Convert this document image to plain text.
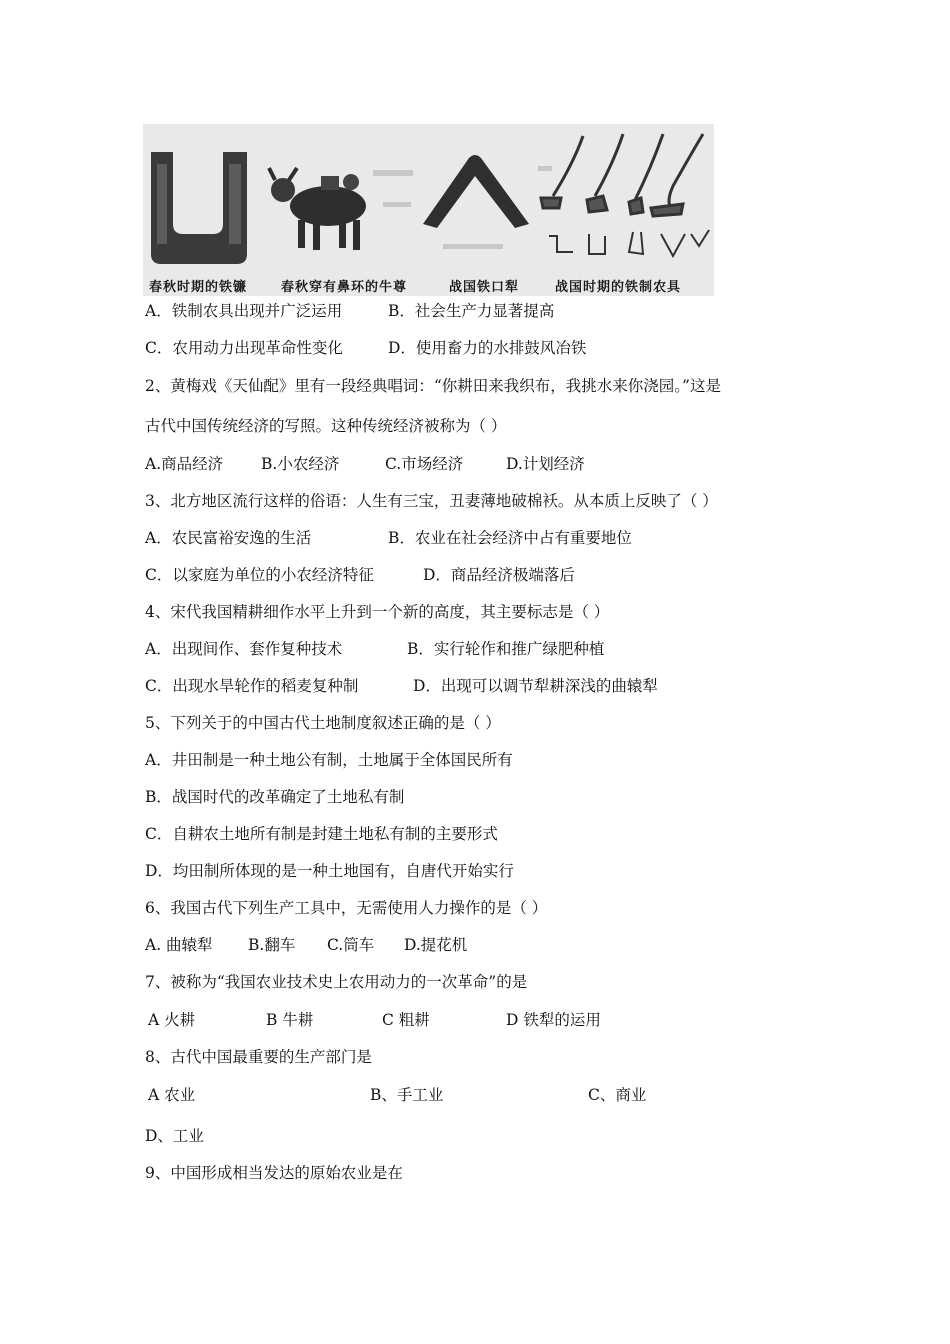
春秋时期的铁镰	春秋穿有鼻环的牛尊	战国铁口犁	战国时期的铁制农具
A．铁制农具出现并广泛运用	B．社会生产力显著提高
C．农用动力出现革命性变化	D．使用畜力的水排鼓风冶铁
2、黄梅戏《天仙配》里有一段经典唱词：“你耕田来我织布，我挑水来你浇园。”这是
古代中国传统经济的写照。这种传统经济被称为（ ）
A.商品经济 B.小农经济	C.市场经济	D.计划经济
3、北方地区流行这样的俗语：人生有三宝，丑妻薄地破棉袄。从本质上反映了（ ）
A．农民富裕安逸的生活	B．农业在社会经济中占有重要地位
C．以家庭为单位的小农经济特征	D．商品经济极端落后
4、宋代我国精耕细作水平上升到一个新的高度，其主要标志是（ ）
A．出现间作、套作复种技术	B．实行轮作和推广绿肥种植
C．出现水旱轮作的稻麦复种制	D．出现可以调节犁耕深浅的曲辕犁
5、下列关于的中国古代土地制度叙述正确的是（ ）
A．井田制是一种土地公有制，土地属于全体国民所有
B．战国时代的改革确定了土地私有制
C．自耕农土地所有制是封建土地私有制的主要形式
D．均田制所体现的是一种土地国有，自唐代开始实行
6、我国古代下列生产工具中，无需使用人力操作的是（ ）
A. 曲辕犁 B.翻车 C.筒车 D.提花机
7、被称为“我国农业技术史上农用动力的一次革命”的是
A 火耕	B 牛耕	C 粗耕	D 铁犁的运用
8、古代中国最重要的生产部门是
A 农业	B、手工业	C、商业
D、工业
9、中国形成相当发达的原始农业是在
